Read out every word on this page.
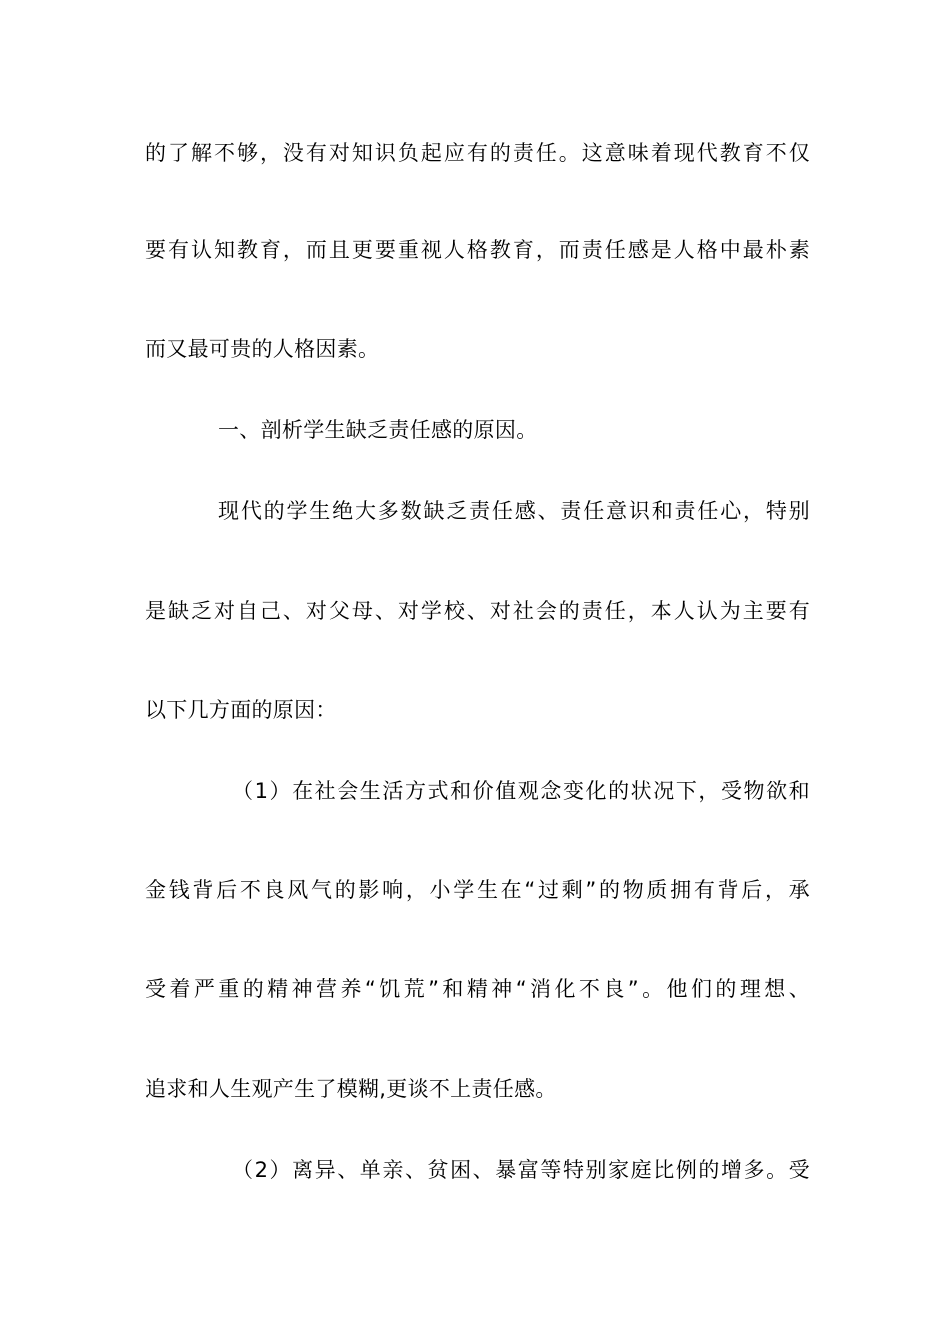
的了解不够，没有对知识负起应有的责任。这意味着现代教育不仅
要有认知教育，而且更要重视人格教育，而责任感是人格中最朴素
而又最可贵的人格因素。
一、剖析学生缺乏责任感的原因。
现代的学生绝大多数缺乏责任感、责任意识和责任心，特别
是缺乏对自己、对父母、对学校、对社会的责任，本人认为主要有
以下几方面的原因：
（1）在社会生活方式和价值观念变化的状况下，受物欲和
金钱背后不良风气的影响，小学生在“过剩”的物质拥有背后，承
受着严重的精神营养“饥荒”和精神“消化不良”。他们的理想、
追求和人生观产生了模糊,更谈不上责任感。
（2）离异、单亲、贫困、暴富等特别家庭比例的增多。受
